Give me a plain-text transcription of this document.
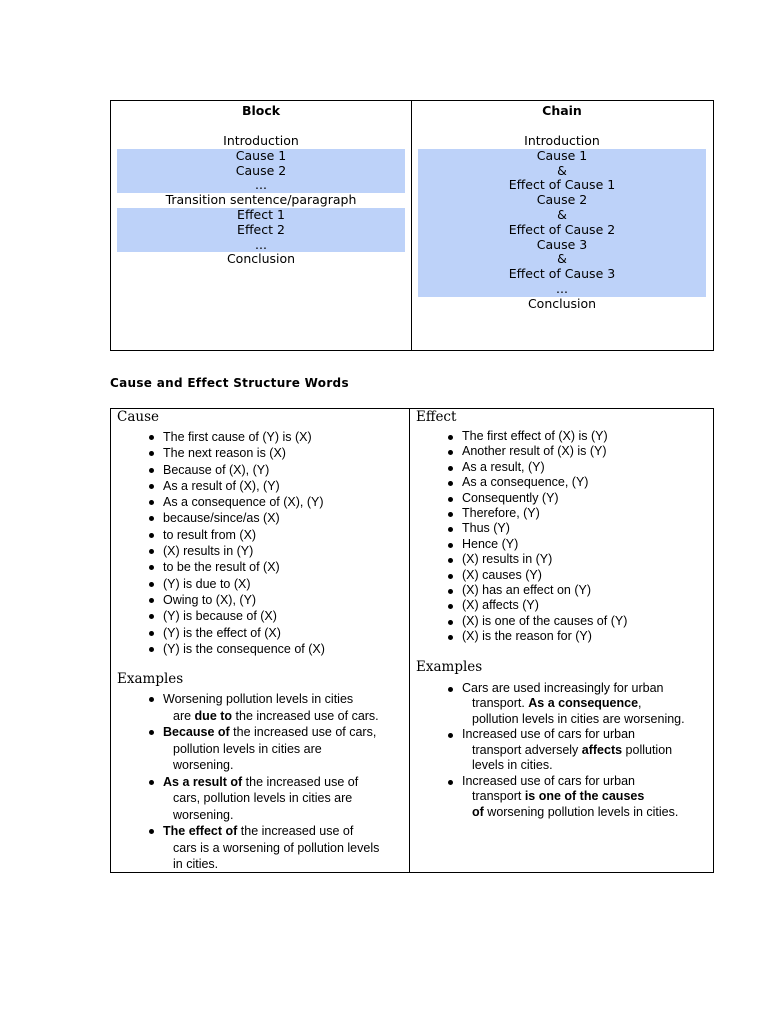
Block
Introduction
Cause 1
Cause 2
...
Transition sentence/paragraph
Effect 1
Effect 2
...
Conclusion
Chain
Introduction
Cause 1
&
Effect of Cause 1
Cause 2
&
Effect of Cause 2
Cause 3
&
Effect of Cause 3
...
Conclusion
Cause and Effect Structure Words
Cause
The first cause of (Y) is (X)
The next reason is (X)
Because of (X), (Y)
As a result of (X), (Y)
As a consequence of (X), (Y)
because/since/as (X)
to result from (X)
(X) results in (Y)
to be the result of (X)
(Y) is due to (X)
Owing to (X), (Y)
(Y) is because of (X)
(Y) is the effect of (X)
(Y) is the consequence of (X)
Examples
Worsening pollution levels in cities
are due to the increased use of cars.
Because of the increased use of cars,
pollution levels in cities are
worsening.
As a result of the increased use of
cars, pollution levels in cities are
worsening.
The effect of the increased use of
cars is a worsening of pollution levels
in cities.
Effect
The first effect of (X) is (Y)
Another result of (X) is (Y)
As a result, (Y)
As a consequence, (Y)
Consequently (Y)
Therefore, (Y)
Thus (Y)
Hence (Y)
(X) results in (Y)
(X) causes (Y)
(X) has an effect on (Y)
(X) affects (Y)
(X) is one of the causes of (Y)
(X) is the reason for (Y)
Examples
Cars are used increasingly for urban
transport. As a consequence,
pollution levels in cities are worsening.
Increased use of cars for urban
transport adversely affects pollution
levels in cities.
Increased use of cars for urban
transport is one of the causes
of worsening pollution levels in cities.
